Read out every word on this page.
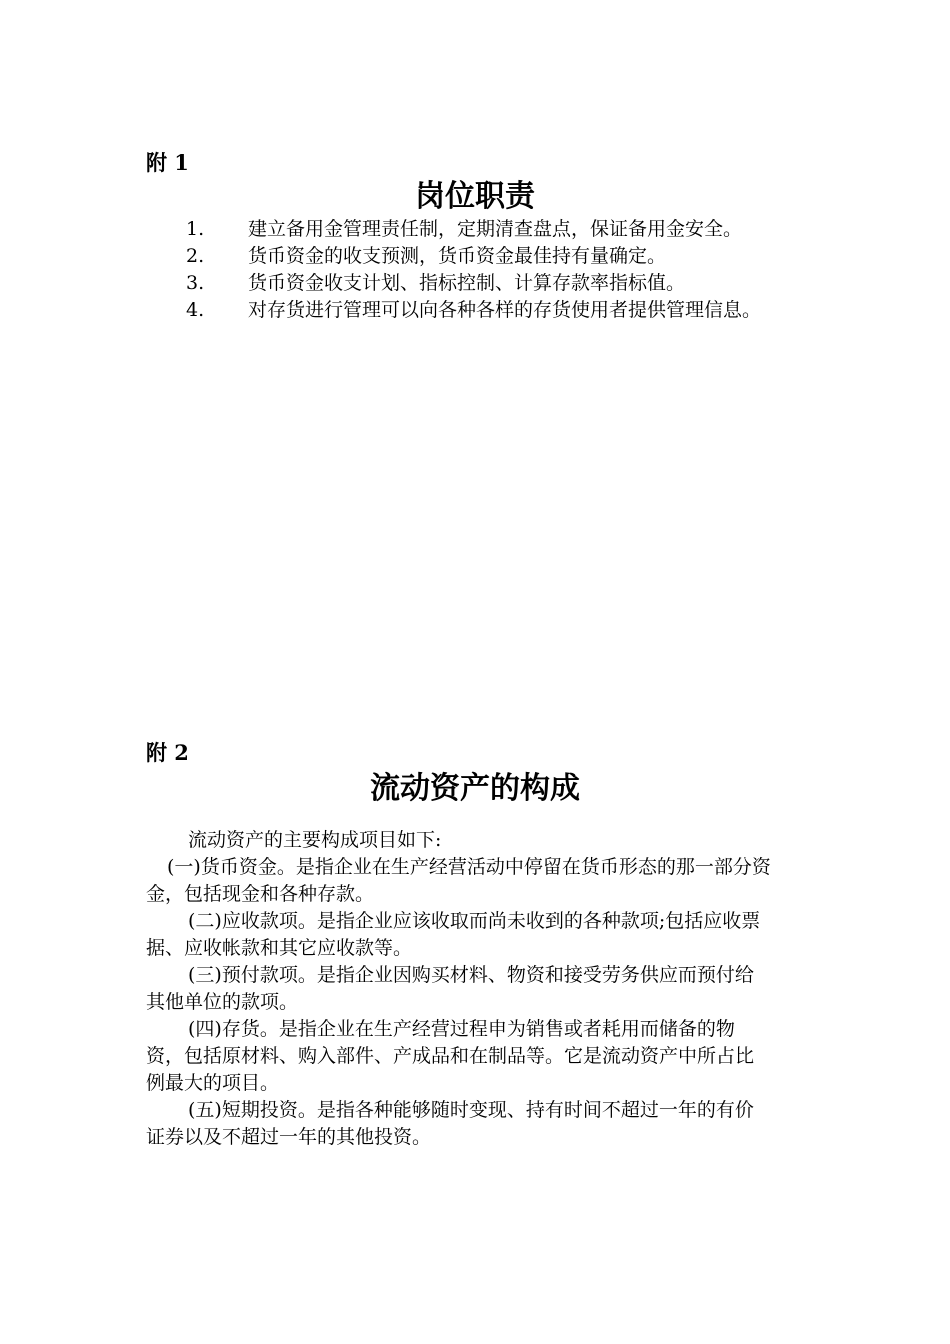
附 1
岗位职责
1.	建立备用金管理责任制，定期清查盘点，保证备用金安全。
2.	货币资金的收支预测，货币资金最佳持有量确定。
3.	货币资金收支计划、指标控制、计算存款率指标值。
4.	对存货进行管理可以向各种各样的存货使用者提供管理信息。
附 2
流动资产的构成

流动资产的主要构成项目如下:

(一)货币资金。是指企业在生产经营活动中停留在货币形态的那一部分资金，包括现金和各种存款。

(二)应收款项。是指企业应该收取而尚未收到的各种款项;包括应收票据、应收帐款和其它应收款等。

(三)预付款项。是指企业因购买材料、物资和接受劳务供应而预付给其他单位的款项。

(四)存货。是指企业在生产经营过程申为销售或者耗用而储备的物资，包括原材料、购入部件、产成品和在制品等。它是流动资产中所占比例最大的项目。

(五)短期投资。是指各种能够随时变现、持有时间不超过一年的有价证券以及不超过一年的其他投资。
